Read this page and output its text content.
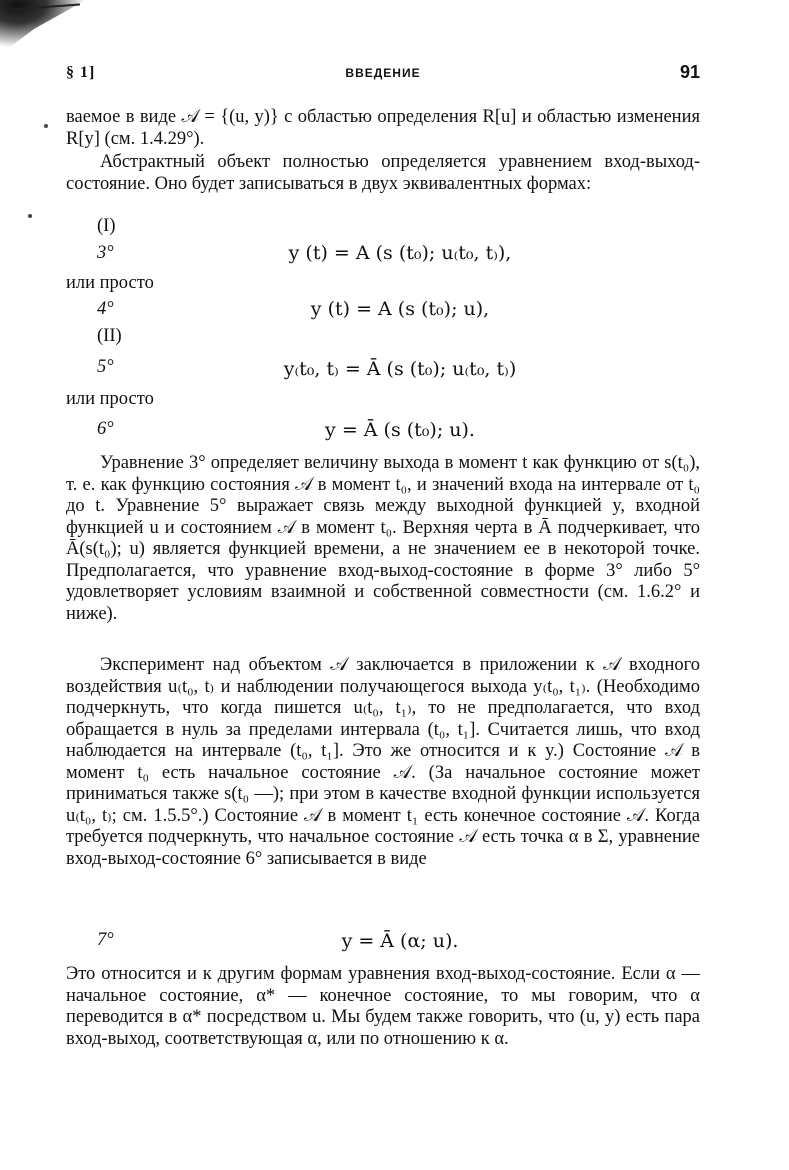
§ 1]	ВВЕДЕНИЕ	91

ваемое в виде 𝒜 = {(u, y)} с областью определения R[u] и областью изменения R[y] (см. 1.4.29°).

Абстрактный объект полностью определяется уравнением вход-выход-состояние. Оно будет записываться в двух эквивалентных формах:

(I)
3°	y (t) = A (s (t₀); u₍t₀, t₎),
или просто
4°	y (t) = A (s (t₀); u),
(II)
5°	y₍t₀, t₎ = Ā (s (t₀); u₍t₀, t₎)
или просто
6°	y = Ā (s (t₀); u).

Уравнение 3° определяет величину выхода в момент t как функцию от s(t₀), т. е. как функцию состояния 𝒜 в момент t₀, и значений входа на интервале от t₀ до t. Уравнение 5° выражает связь между выходной функцией y, входной функцией u и состоянием 𝒜 в момент t₀. Верхняя черта в Ā подчеркивает, что Ā(s(t₀); u) является функцией времени, а не значением ее в некоторой точке. Предполагается, что уравнение вход-выход-состояние в форме 3° либо 5° удовлетворяет условиям взаимной и собственной совместности (см. 1.6.2° и ниже).

Эксперимент над объектом 𝒜 заключается в приложении к 𝒜 входного воздействия u₍t₀, t₎ и наблюдении получающегося выхода y₍t₀, t₁₎. (Необходимо подчеркнуть, что когда пишется u₍t₀, t₁₎, то не предполагается, что вход обращается в нуль за пределами интервала (t₀, t₁]. Считается лишь, что вход наблюдается на интервале (t₀, t₁]. Это же относится и к y.) Состояние 𝒜 в момент t₀ есть начальное состояние 𝒜. (За начальное состояние может приниматься также s(t₀ —); при этом в качестве входной функции используется u₍t₀, t₎; см. 1.5.5°.) Состояние 𝒜 в момент t₁ есть конечное состояние 𝒜. Когда требуется подчеркнуть, что начальное состояние 𝒜 есть точка α в Σ, уравнение вход-выход-состояние 6° записывается в виде

7°	y = Ā (α; u).

Это относится и к другим формам уравнения вход-выход-состояние. Если α — начальное состояние, α* — конечное состояние, то мы говорим, что α переводится в α* посредством u. Мы будем также говорить, что (u, y) есть пара вход-выход, соответствующая α, или по отношению к α.
